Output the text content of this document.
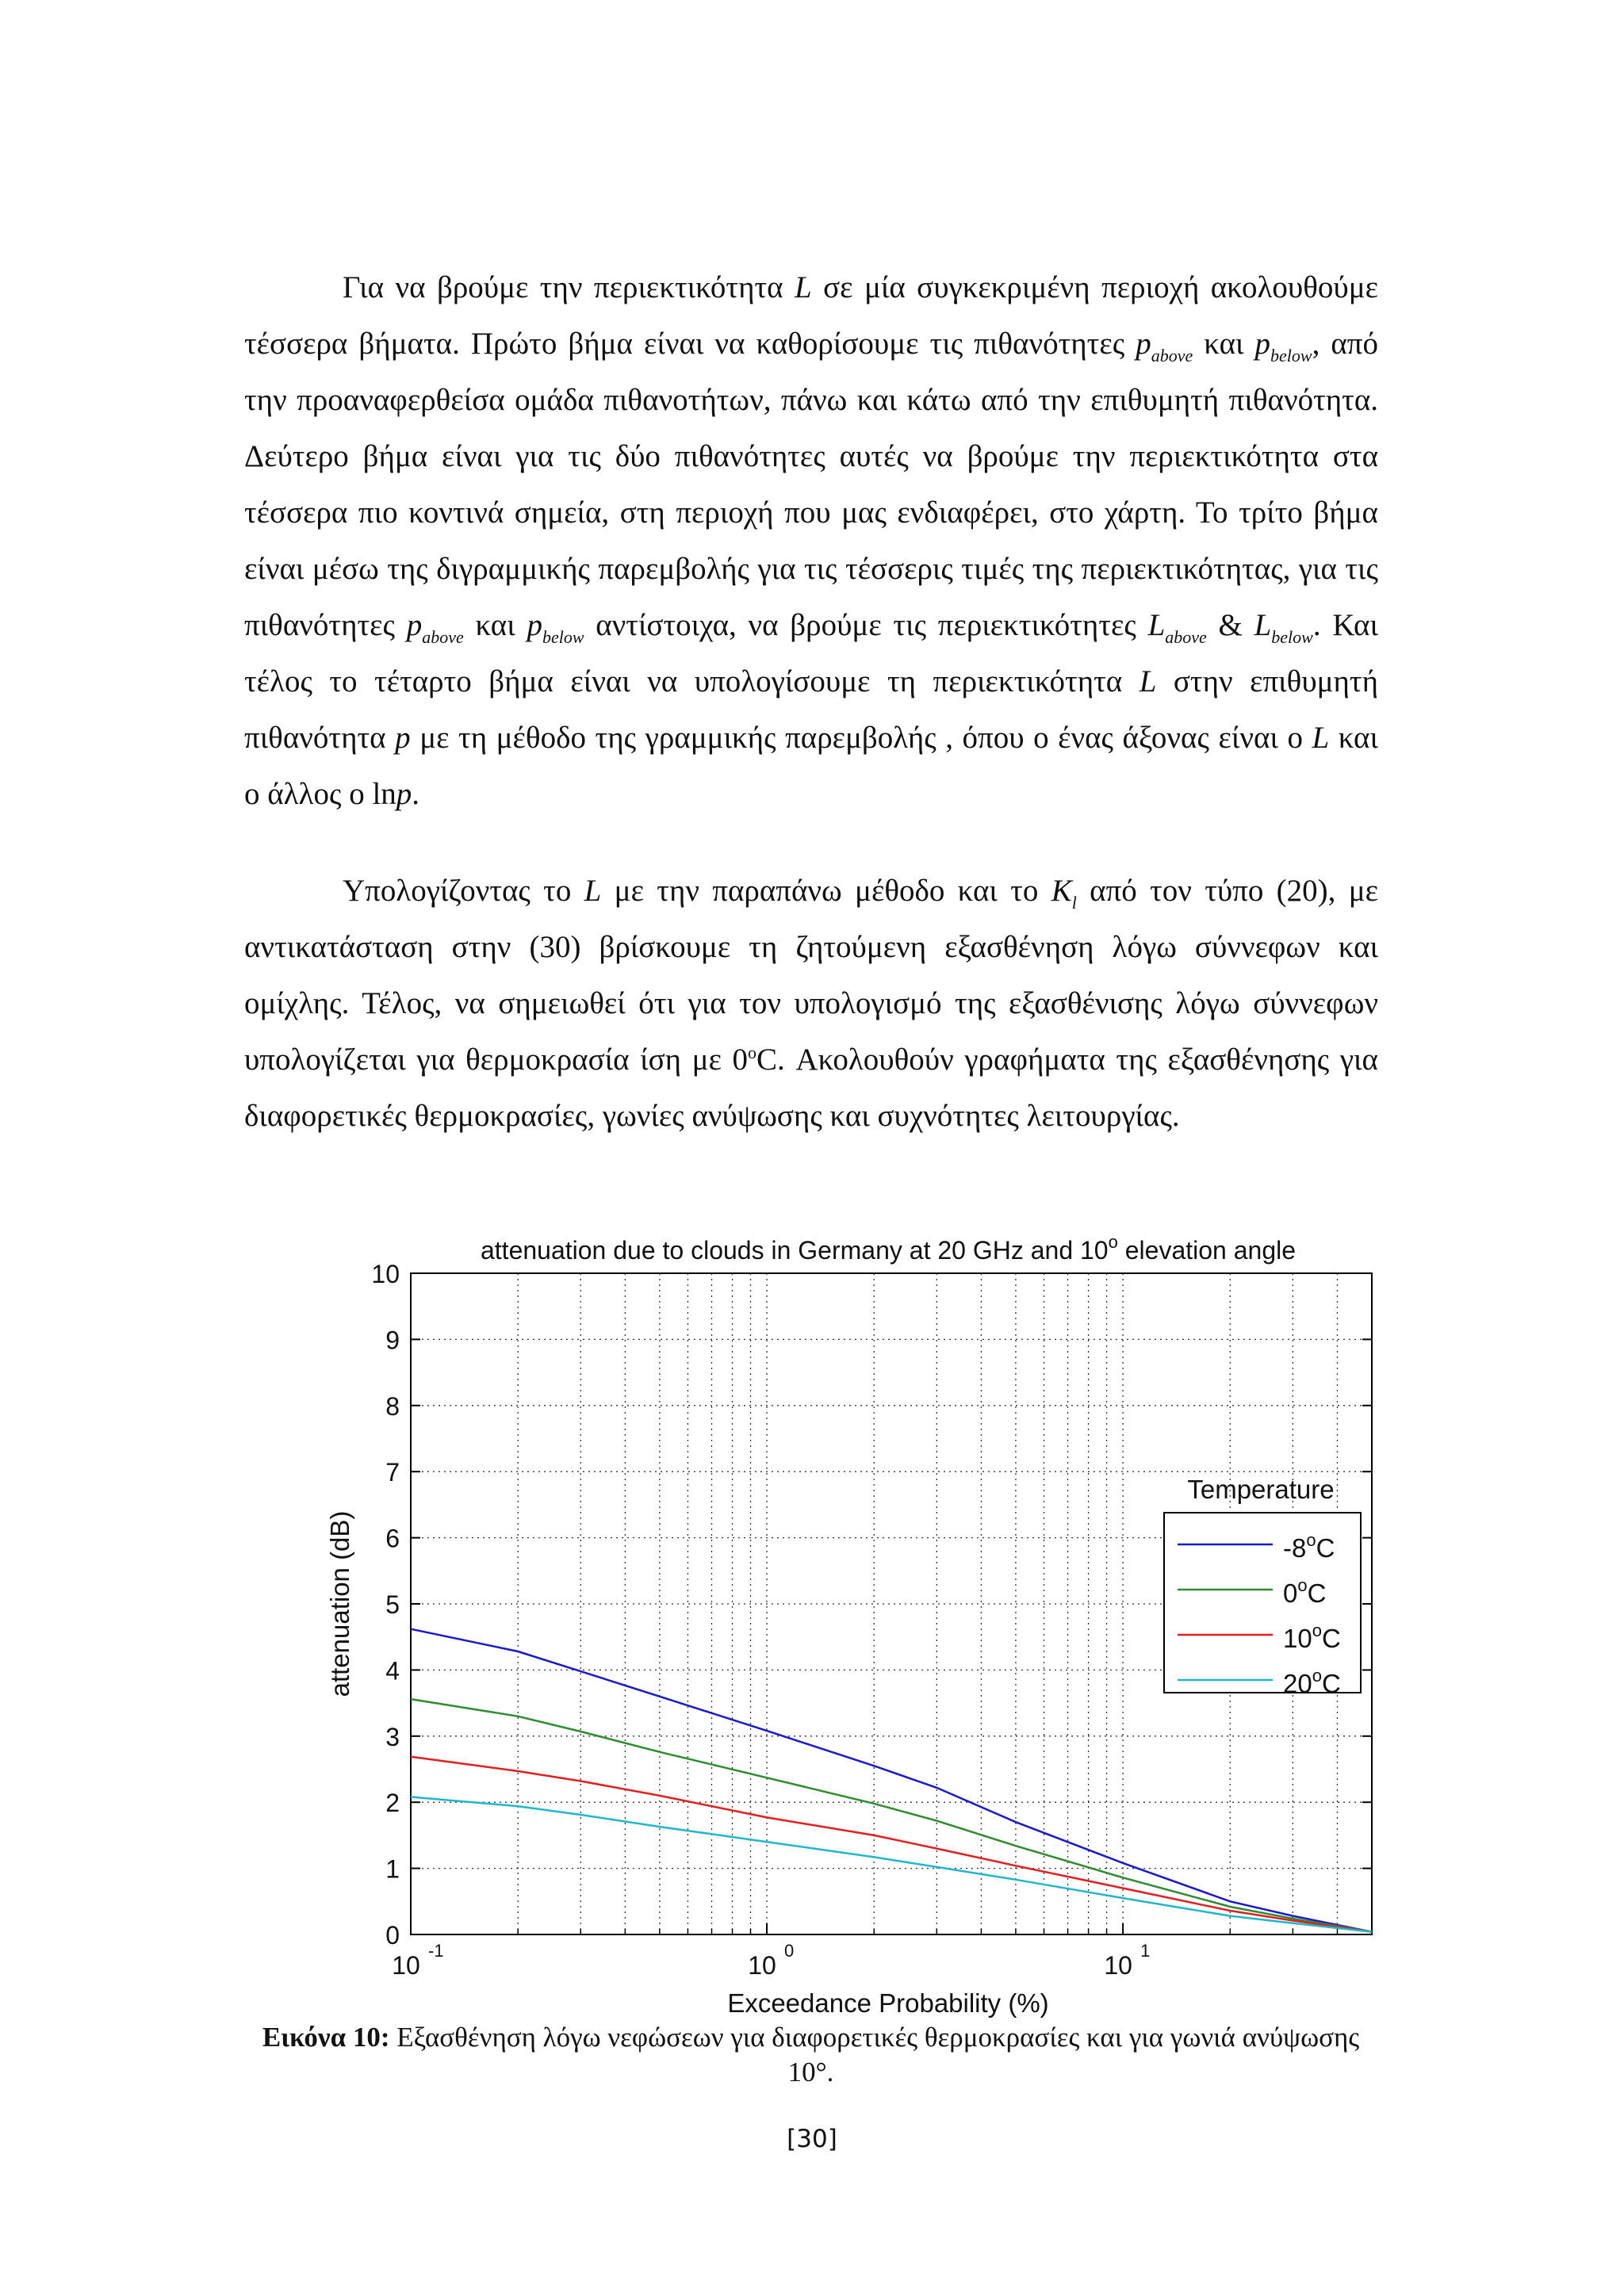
Για να βρούμε την περιεκτικότητα L σε μία συγκεκριμένη περιοχή ακολουθούμε τέσσερα βήματα. Πρώτο βήμα είναι να καθορίσουμε τις πιθανότητες $p_{above}$ και $p_{below}$, από την προαναφερθείσα ομάδα πιθανοτήτων, πάνω και κάτω από την επιθυμητή πιθανότητα. Δεύτερο βήμα είναι για τις δύο πιθανότητες αυτές να βρούμε την περιεκτικότητα στα τέσσερα πιο κοντινά σημεία, στη περιοχή που μας ενδιαφέρει, στο χάρτη. Το τρίτο βήμα είναι μέσω της διγραμμικής παρεμβολής για τις τέσσερις τιμές της περιεκτικότητας, για τις πιθανότητες $p_{above}$ και $p_{below}$ αντίστοιχα, να βρούμε τις περιεκτικότητες $L_{above}$ & $L_{below}$. Και τέλος το τέταρτο βήμα είναι να υπολογίσουμε τη περιεκτικότητα L στην επιθυμητή πιθανότητα p με τη μέθοδο της γραμμικής παρεμβολής , όπου ο ένας άξονας είναι ο L και ο άλλος ο lnp.

Υπολογίζοντας το L με την παραπάνω μέθοδο και το $K_l$ από τον τύπο (20), με αντικατάσταση στην (30) βρίσκουμε τη ζητούμενη εξασθένηση λόγω σύννεφων και ομίχλης. Τέλος, να σημειωθεί ότι για τον υπολογισμό της εξασθένισης λόγω σύννεφων υπολογίζεται για θερμοκρασία ίση με 0$^o$C. Ακολουθούν γραφήματα της εξασθένησης για διαφορετικές θερμοκρασίες, γωνίες ανύψωσης και συχνότητες λειτουργίας.

0
1
2
3
4
5
6
7
8
9
10
10
-1
10
0
10
1
attenuation due to clouds in Germany at 20 GHz and 10$^o$ elevation angle
Exceedance Probability (%)
attenuation (dB)
Temperature
-8$^o$C
0$^o$C
10$^o$C
20$^o$C
Εικόνα 10: Εξασθένηση λόγω νεφώσεων για διαφορετικές θερμοκρασίες και για γωνιά ανύψωσης 10°.
[30]
